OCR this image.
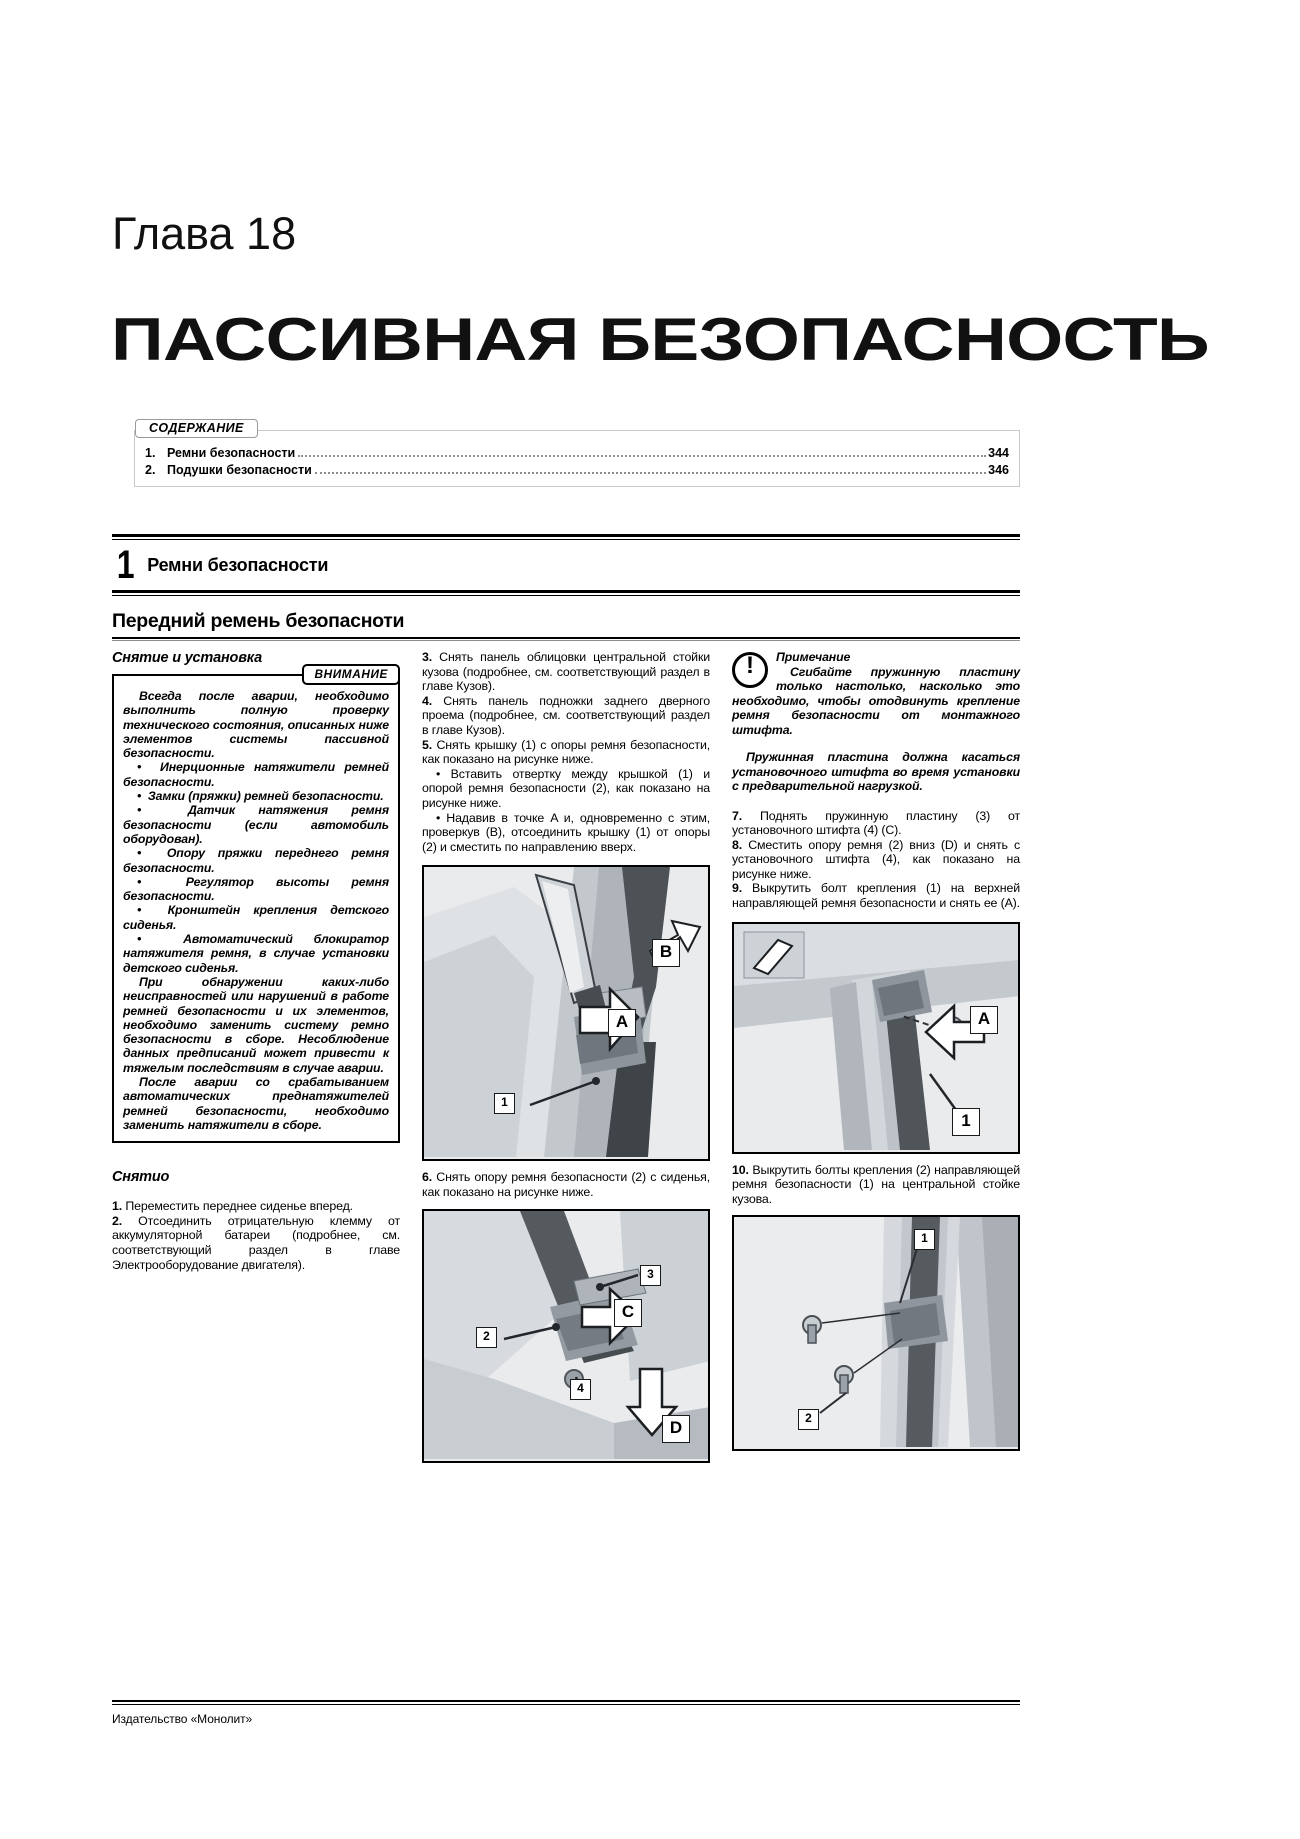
Глава 18
ПАССИВНАЯ БЕЗОПАСНОСТЬ
СОДЕРЖАНИЕ
1. Ремни безопасности	344
2. Подушки безопасности	346
1 Ремни безопасности
Передний ремень безопасноти
Снятие и установка
ВНИМАНИЕ

Всегда после аварии, необходимо выполнить полную проверку технического состояния, описанных ниже элементов системы пассивной безопасности.

•  Инерционные натяжители ремней безопасности.

•  Замки (пряжки) ремней безопасности.

•  Датчик натяжения ремня безопасности (если автомобиль оборудован).

•  Опору пряжки переднего ремня безопасности.

•  Регулятор высоты ремня безопасности.

•  Кронштейн крепления детского сиденья.

•  Автоматический блокиратор натяжителя ремня, в случае установки детского сиденья.

При обнаружении каких-либо неисправностей или нарушений в работе ремней безопасности и их элементов, необходимо заменить систему ремно безопасности в сборе. Несоблюдение данных предписаний может привести к тяжелым последствиям в случае аварии.

После аварии со срабатыванием автоматических преднатяжителей ремней безопасности, необходимо заменить натяжители в сборе.

Снятио
1. Переместить переднее сиденье вперед.
2. Отсоединить отрицательную клемму от аккумуляторной батареи (подробнее, см. соответствующий раздел в главе Электрооборудование двигателя).
3. Снять панель облицовки центральной стойки кузова (подробнее, см. соответствующий раздел в главе Кузов).
4. Снять панель подножки заднего дверного проема (подробнее, см. соответствующий раздел в главе Кузов).
5. Снять крышку (1) с опоры ремня безопасности, как показано на рисунке ниже.
• Вставить отвертку между крышкой (1) и опорой ремня безопасности (2), как показано на рисунке ниже.
• Надавив в точке A и, одновременно с этим, проверкув (B), отсоединить крышку (1) от опоры (2) и сместить по направлению вверх.
1
A
B
6. Снять опору ремня безопасности (2) с сиденья, как показано на рисунке ниже.
2
3
4
C
D
!

Примечание

Сгибайте пружинную пластину только настолько, насколько это необходимо, чтобы отодвинуть крепление ремня безопасности от монтажного штифта.

Пружинная пластина должна касаться установочного штифта во время установки с предварительной нагрузкой.

7. Поднять пружинную пластину (3) от установочного штифта (4) (C).
8. Сместить опору ремня (2) вниз (D) и снять с установочного штифта (4), как показано на рисунке ниже.
9. Выкрутить болт крепления (1) на верхней направляющей ремня безопасности и снять ее (A).
A
1
10. Выкрутить болты крепления (2) направляющей ремня безопасности (1) на центральной стойке кузова.
1
2
Издательство «Монолит»
